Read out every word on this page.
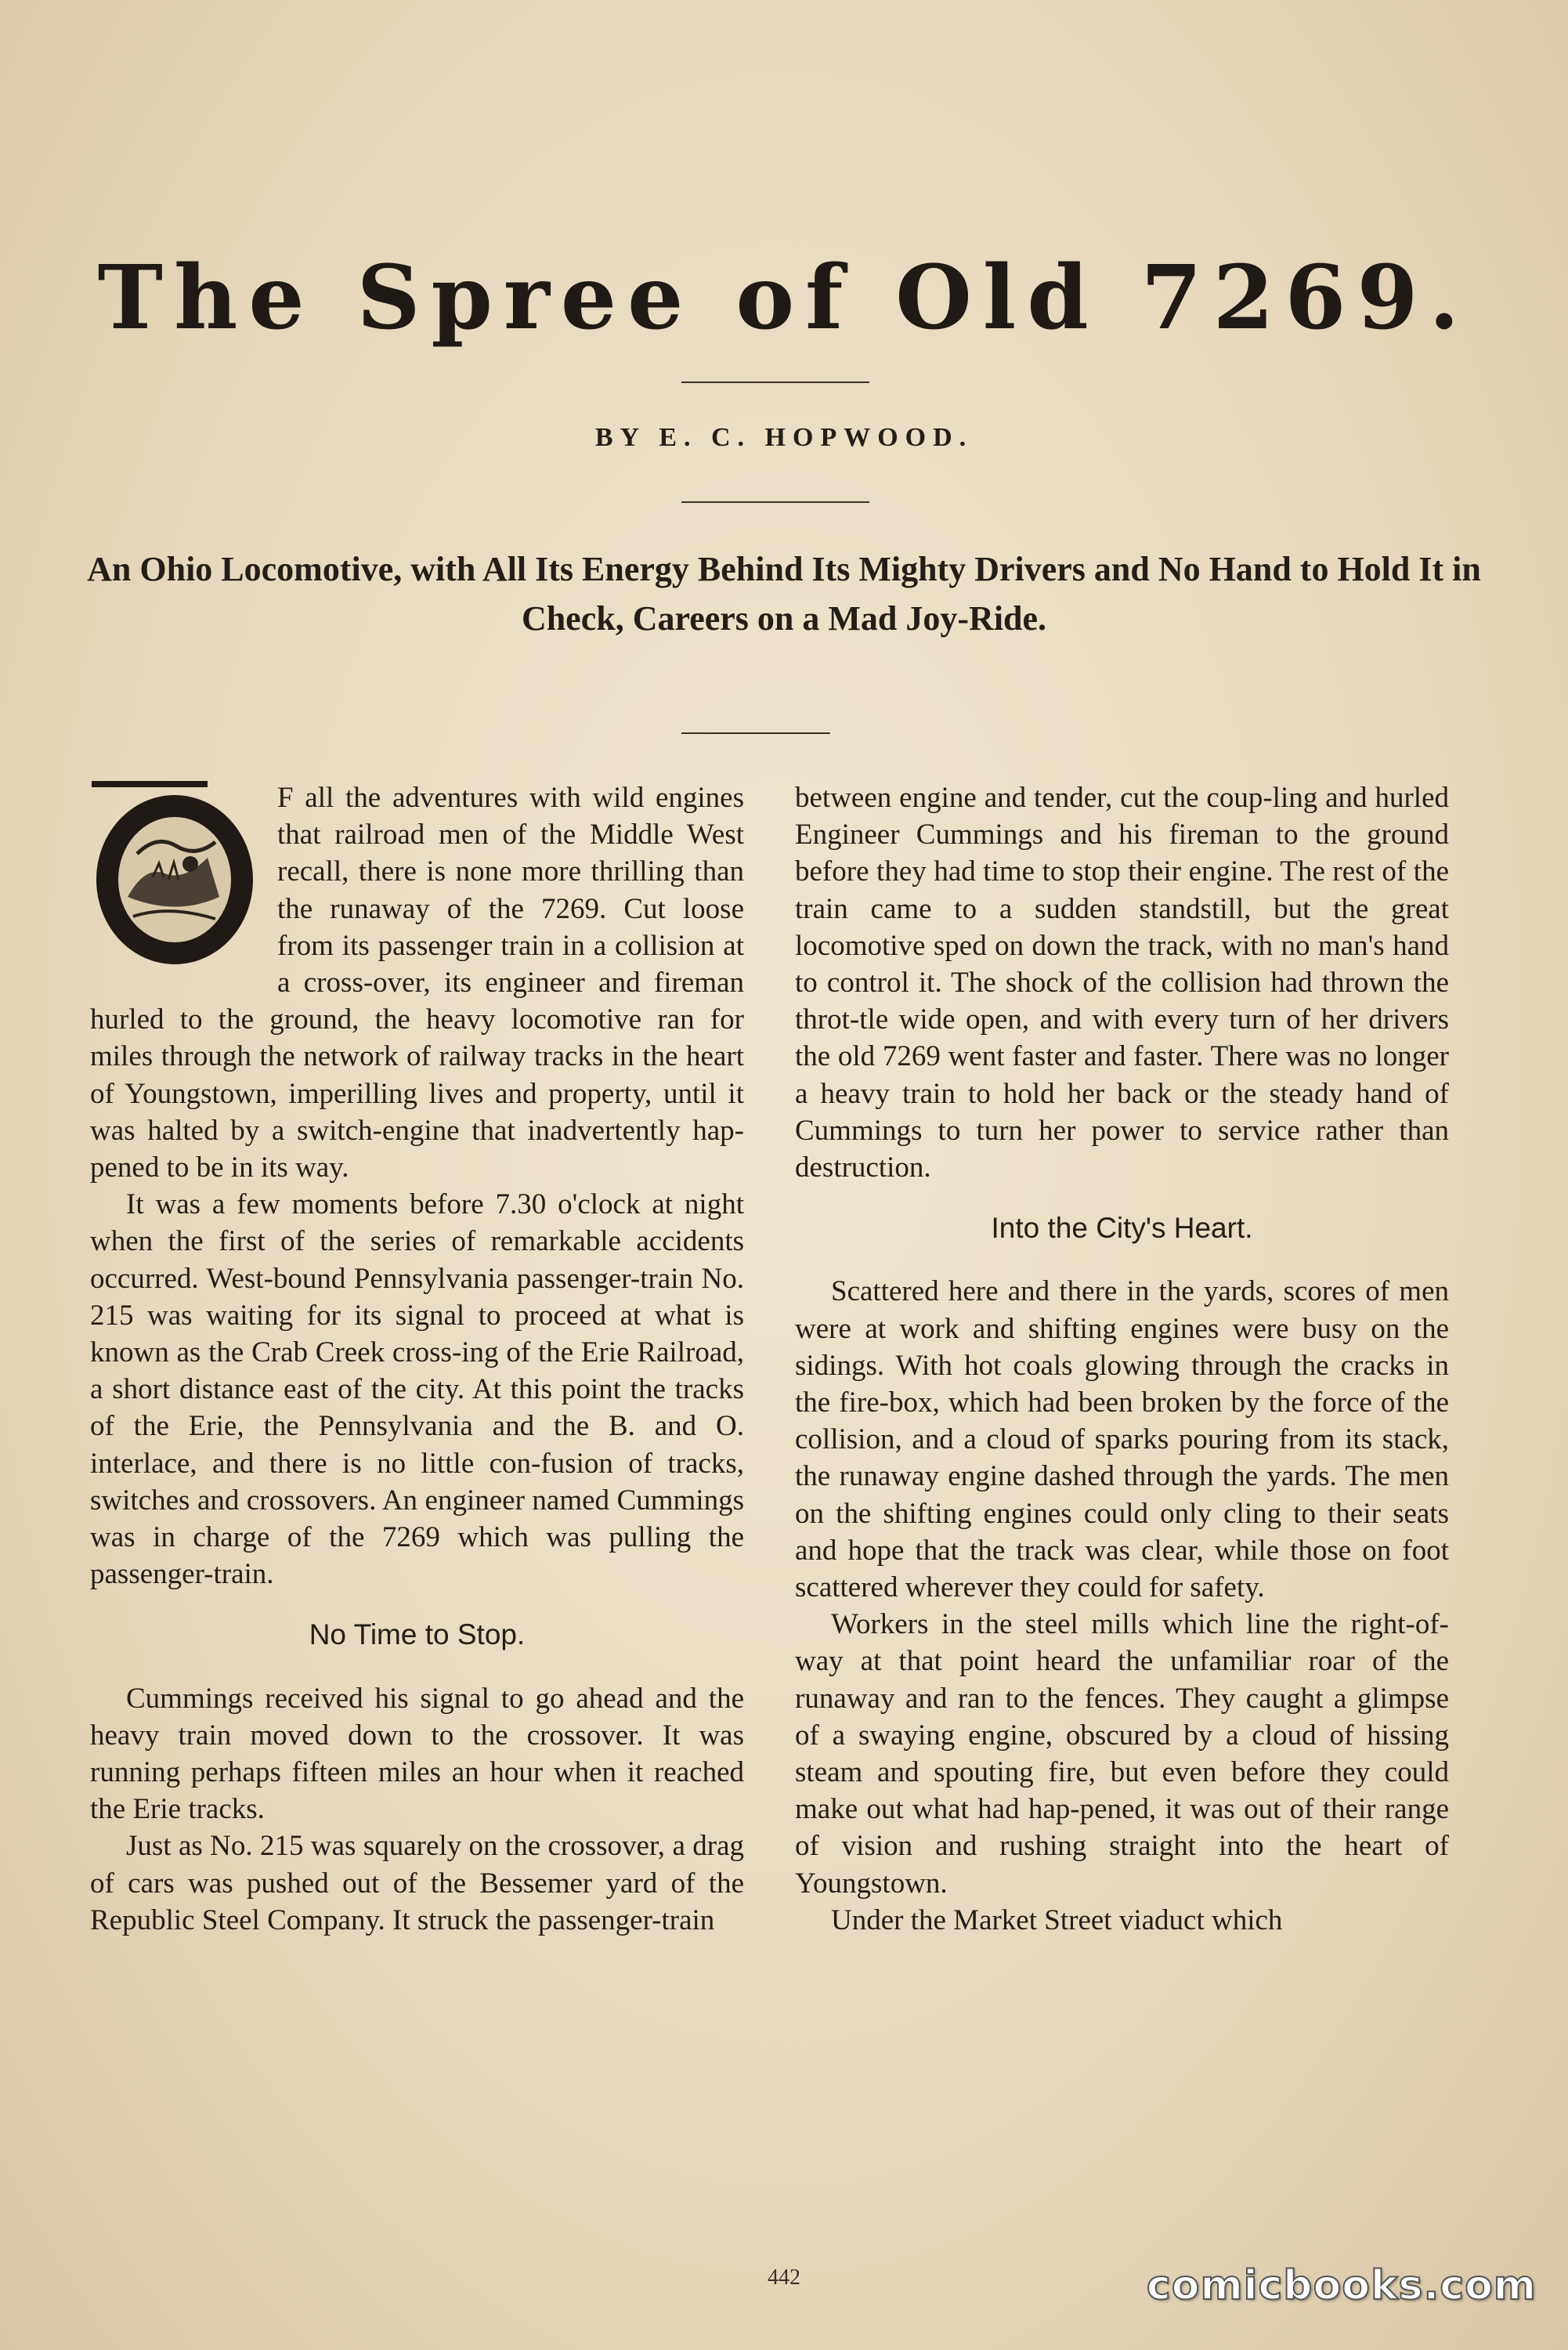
The Spree of Old 7269.
BY E. C. HOPWOOD.
An Ohio Locomotive, with All Its Energy Behind Its Mighty Drivers and No Hand to Hold It in Check, Careers on a Mad Joy-Ride.

F all the adventures with wild engines that railroad men of the Middle West recall, there is none more thrilling than the runaway of the 7269. Cut loose from its passenger train in a collision at a cross-over, its engineer and fireman hurled to the ground, the heavy locomotive ran for miles through the network of railway tracks in the heart of Youngstown, imperilling lives and property, until it was halted by a switch-engine that inadvertently hap-pened to be in its way.

It was a few moments before 7.30 o'clock at night when the first of the series of remarkable accidents occurred. West-bound Pennsylvania passenger-train No. 215 was waiting for its signal to proceed at what is known as the Crab Creek cross-ing of the Erie Railroad, a short distance east of the city. At this point the tracks of the Erie, the Pennsylvania and the B. and O. interlace, and there is no little con-fusion of tracks, switches and crossovers. An engineer named Cummings was in charge of the 7269 which was pulling the passenger-train.

No Time to Stop.

Cummings received his signal to go ahead and the heavy train moved down to the crossover. It was running perhaps fifteen miles an hour when it reached the Erie tracks.

Just as No. 215 was squarely on the crossover, a drag of cars was pushed out of the Bessemer yard of the Republic Steel Company. It struck the passenger-train

between engine and tender, cut the coup-ling and hurled Engineer Cummings and his fireman to the ground before they had time to stop their engine. The rest of the train came to a sudden standstill, but the great locomotive sped on down the track, with no man's hand to control it. The shock of the collision had thrown the throt-tle wide open, and with every turn of her drivers the old 7269 went faster and faster. There was no longer a heavy train to hold her back or the steady hand of Cummings to turn her power to service rather than destruction.

Into the City's Heart.

Scattered here and there in the yards, scores of men were at work and shifting engines were busy on the sidings. With hot coals glowing through the cracks in the fire-box, which had been broken by the force of the collision, and a cloud of sparks pouring from its stack, the runaway engine dashed through the yards. The men on the shifting engines could only cling to their seats and hope that the track was clear, while those on foot scattered wherever they could for safety.

Workers in the steel mills which line the right-of-way at that point heard the unfamiliar roar of the runaway and ran to the fences. They caught a glimpse of a swaying engine, obscured by a cloud of hissing steam and spouting fire, but even before they could make out what had hap-pened, it was out of their range of vision and rushing straight into the heart of Youngstown.

Under the Market Street viaduct which

442	comicbooks.com
